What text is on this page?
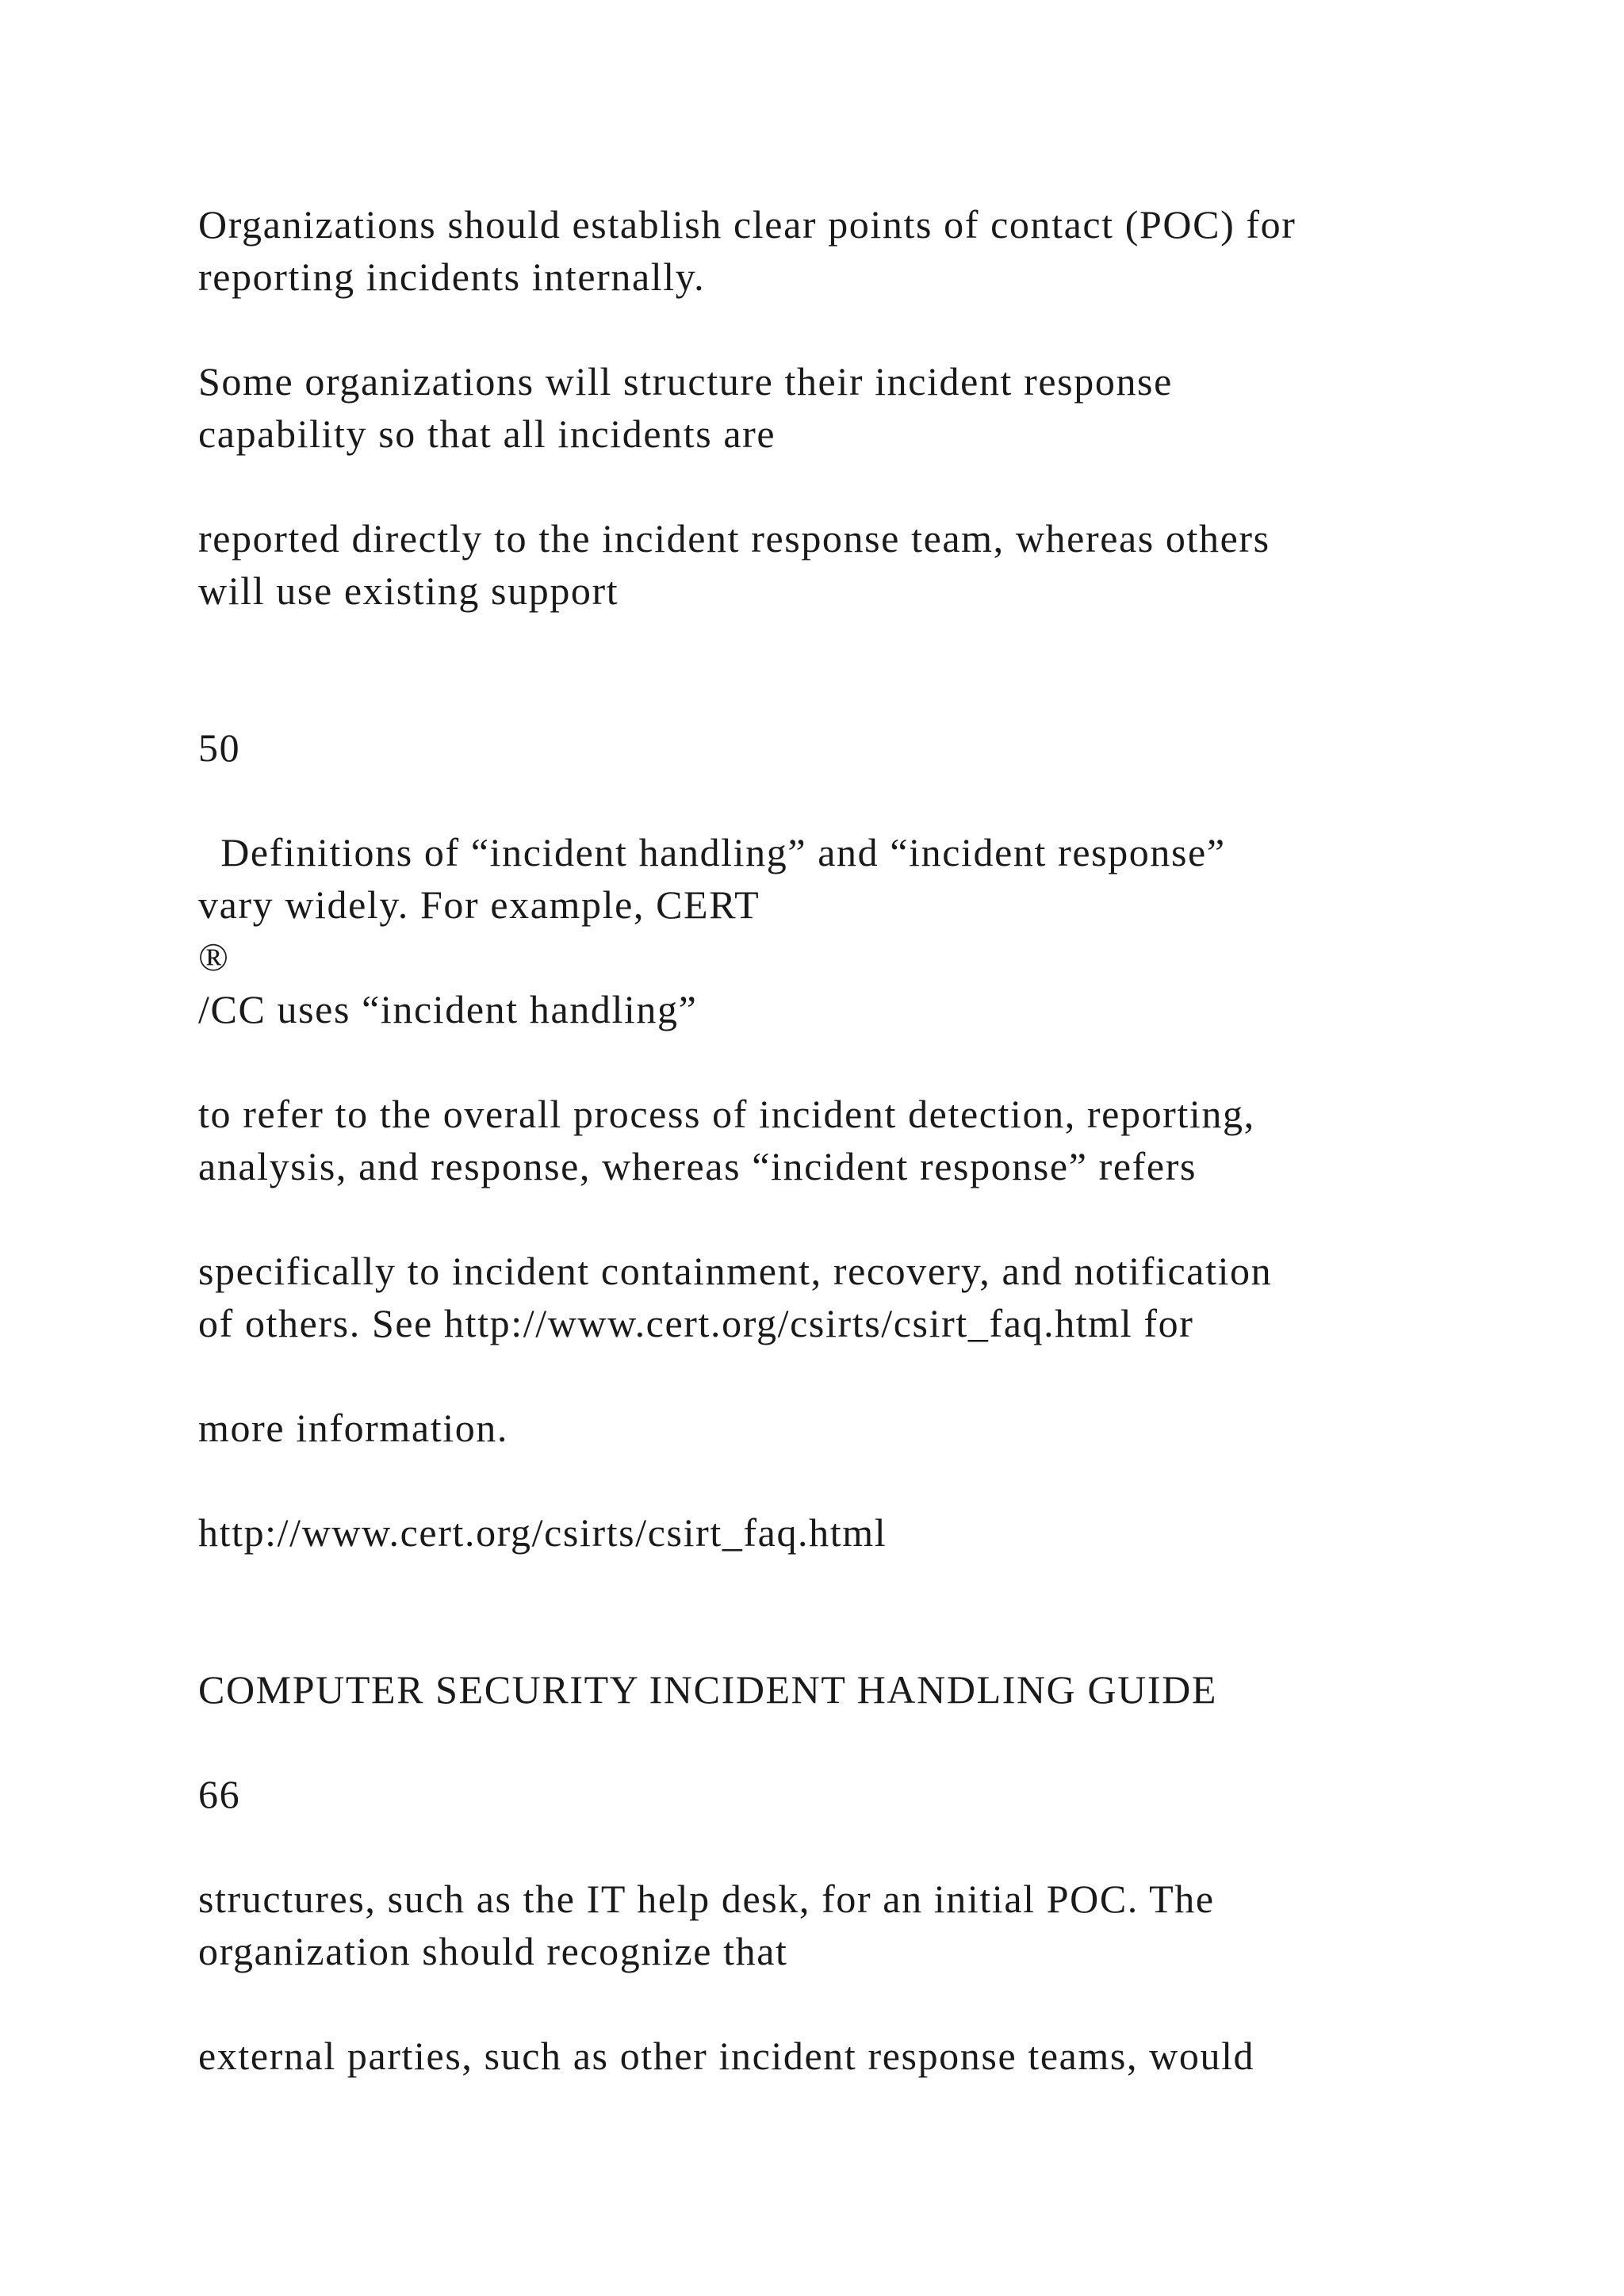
Organizations should establish clear points of contact (POC) for
reporting incidents internally.
Some organizations will structure their incident response
capability so that all incidents are
reported directly to the incident response team, whereas others
will use existing support
50
Definitions of “incident handling” and “incident response”
vary widely. For example, CERT
®
/CC uses “incident handling”
to refer to the overall process of incident detection, reporting,
analysis, and response, whereas “incident response” refers
specifically to incident containment, recovery, and notification
of others. See http://www.cert.org/csirts/csirt_faq.html for
more information.
http://www.cert.org/csirts/csirt_faq.html
COMPUTER SECURITY INCIDENT HANDLING GUIDE
66
structures, such as the IT help desk, for an initial POC. The
organization should recognize that
external parties, such as other incident response teams, would
